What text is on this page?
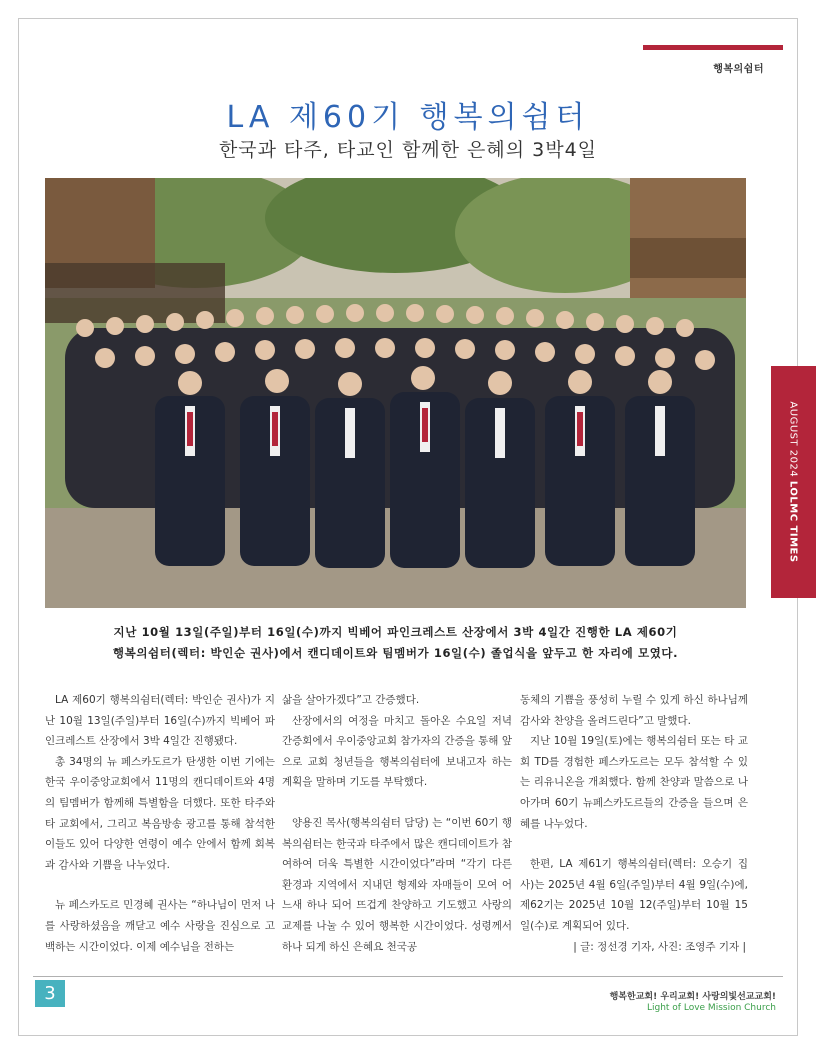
행복의쉼터
LA 제60기 행복의쉼터
한국과 타주, 타교인 함께한 은혜의 3박4일
지난 10월 13일(주일)부터 16일(수)까지 빅베어 파인크레스트 산장에서 3박 4일간 진행한 LA 제60기
행복의쉼터(렉터: 박인순 권사)에서 캔디데이트와 팀멤버가 16일(수) 졸업식을 앞두고 한 자리에 모였다.
AUGUST 2024 LOLMC TIMES

LA 제60기 행복의쉼터(렉터: 박인순 권사)가 지난 10월 13일(주일)부터 16일(수)까지 빅베어 파인크레스트 산장에서 3박 4일간 진행됐다.

총 34명의 뉴 페스카도르가 탄생한 이번 기에는 한국 우이중앙교회에서 11명의 캔디데이트와 4명의 팀멤버가 함께해 특별함을 더했다. 또한 타주와 타 교회에서, 그리고 복음방송 광고를 통해 참석한 이들도 있어 다양한 연령이 예수 안에서 함께 회복과 감사와 기쁨을 나누었다.

뉴 페스카도르 민경혜 권사는 “하나님이 먼저 나를 사랑하셨음을 깨닫고 예수 사랑을 진심으로 고백하는 시간이었다. 이제 예수님을 전하는

삶을 살아가겠다”고 간증했다.

산장에서의 여정을 마치고 돌아온 수요일 저녁 간증회에서 우이중앙교회 참가자의 간증을 통해 앞으로 교회 청년들을 행복의쉼터에 보내고자 하는 계획을 말하며 기도를 부탁했다.

양용진 목사(행복의쉼터 담당) 는 “이번 60기 행복의쉼터는 한국과 타주에서 많은 캔디데이트가 참여하여 더욱 특별한 시간이었다”라며 “각기 다른 환경과 지역에서 지내던 형제와 자매들이 모여 어느새 하나 되어 뜨겁게 찬양하고 기도했고 사랑의 교제를 나눌 수 있어 행복한 시간이었다. 성령께서 하나 되게 하신 은혜요 천국공

동체의 기쁨을 풍성히 누릴 수 있게 하신 하나님께 감사와 찬양을 올려드린다”고 말했다.

지난 10월 19일(토)에는 행복의쉼터 또는 타 교회 TD를 경험한 페스카도르는 모두 참석할 수 있는 리유니온을 개최했다. 함께 찬양과 말씀으로 나아가며 60기 뉴페스카도르들의 간증을 들으며 은혜를 나누었다.

한편, LA 제61기 행복의쉼터(렉터: 오승기 집사)는 2025년 4월 6일(주일)부터 4월 9일(수)에, 제62기는 2025년 10월 12(주일)부터 10월 15일(수)로 계획되어 있다.

| 글: 정선경 기자, 사진: 조영주 기자 |

3	행복한교회! 우리교회! 사랑의빛선교교회!
Light of Love Mission Church
